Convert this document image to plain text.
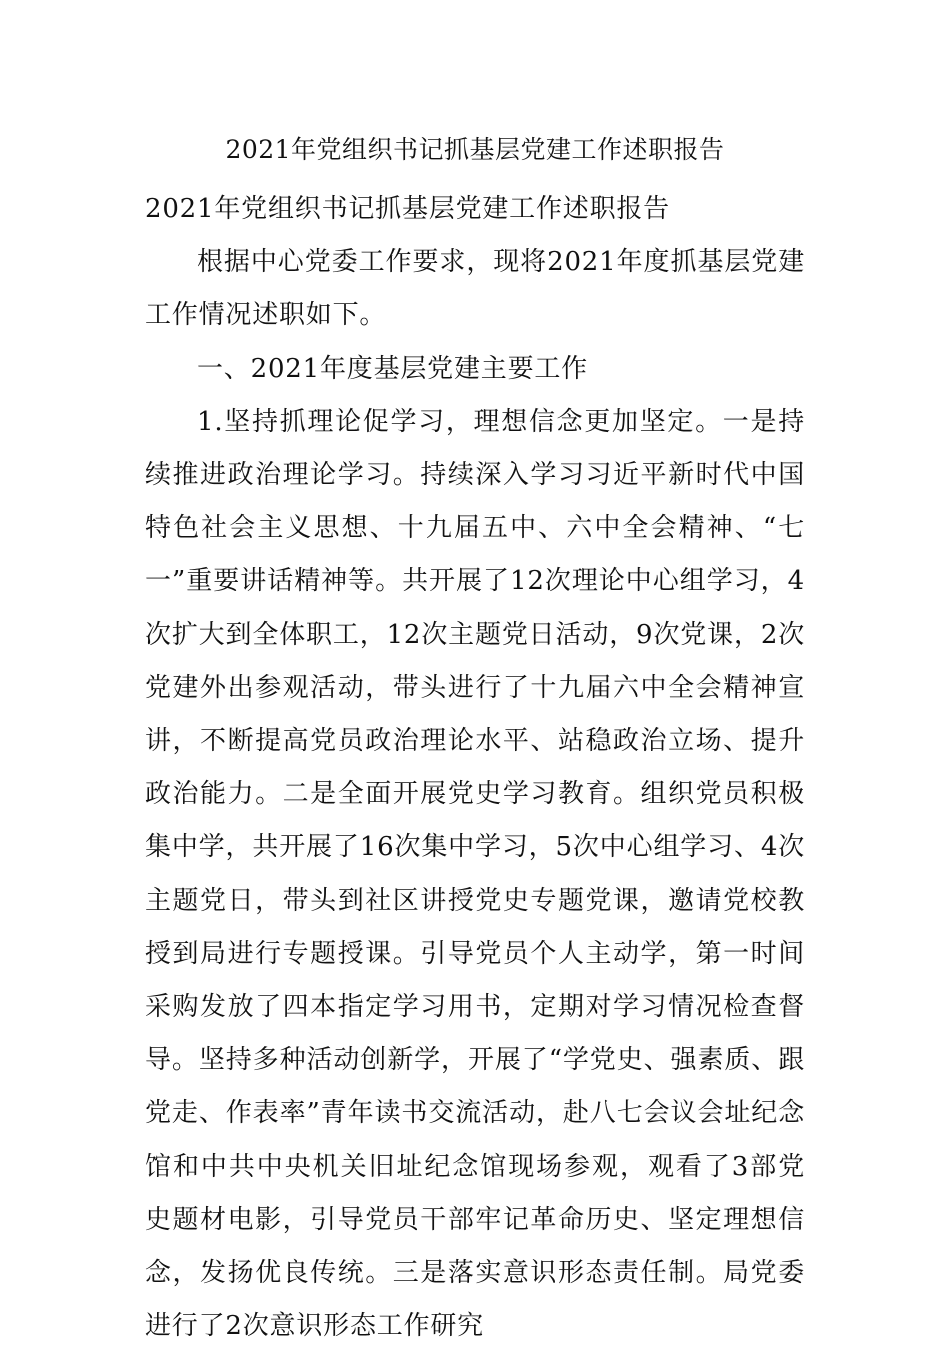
2021年党组织书记抓基层党建工作述职报告

2021年党组织书记抓基层党建工作述职报告

根据中心党委工作要求，现将2021年度抓基层党建工作情况述职如下。

一、2021年度基层党建主要工作

1.坚持抓理论促学习，理想信念更加坚定。一是持续推进政治理论学习。持续深入学习习近平新时代中国特色社会主义思想、十九届五中、六中全会精神、“七一”重要讲话精神等。共开展了12次理论中心组学习，4次扩大到全体职工，12次主题党日活动，9次党课，2次党建外出参观活动，带头进行了十九届六中全会精神宣讲，不断提高党员政治理论水平、站稳政治立场、提升政治能力。二是全面开展党史学习教育。组织党员积极集中学，共开展了16次集中学习，5次中心组学习、4次主题党日，带头到社区讲授党史专题党课，邀请党校教授到局进行专题授课。引导党员个人主动学，第一时间采购发放了四本指定学习用书，定期对学习情况检查督导。坚持多种活动创新学，开展了“学党史、强素质、跟党走、作表率”青年读书交流活动，赴八七会议会址纪念馆和中共中央机关旧址纪念馆现场参观，观看了3部党史题材电影，引导党员干部牢记革命历史、坚定理想信念，发扬优良传统。三是落实意识形态责任制。局党委进行了2次意识形态工作研究
